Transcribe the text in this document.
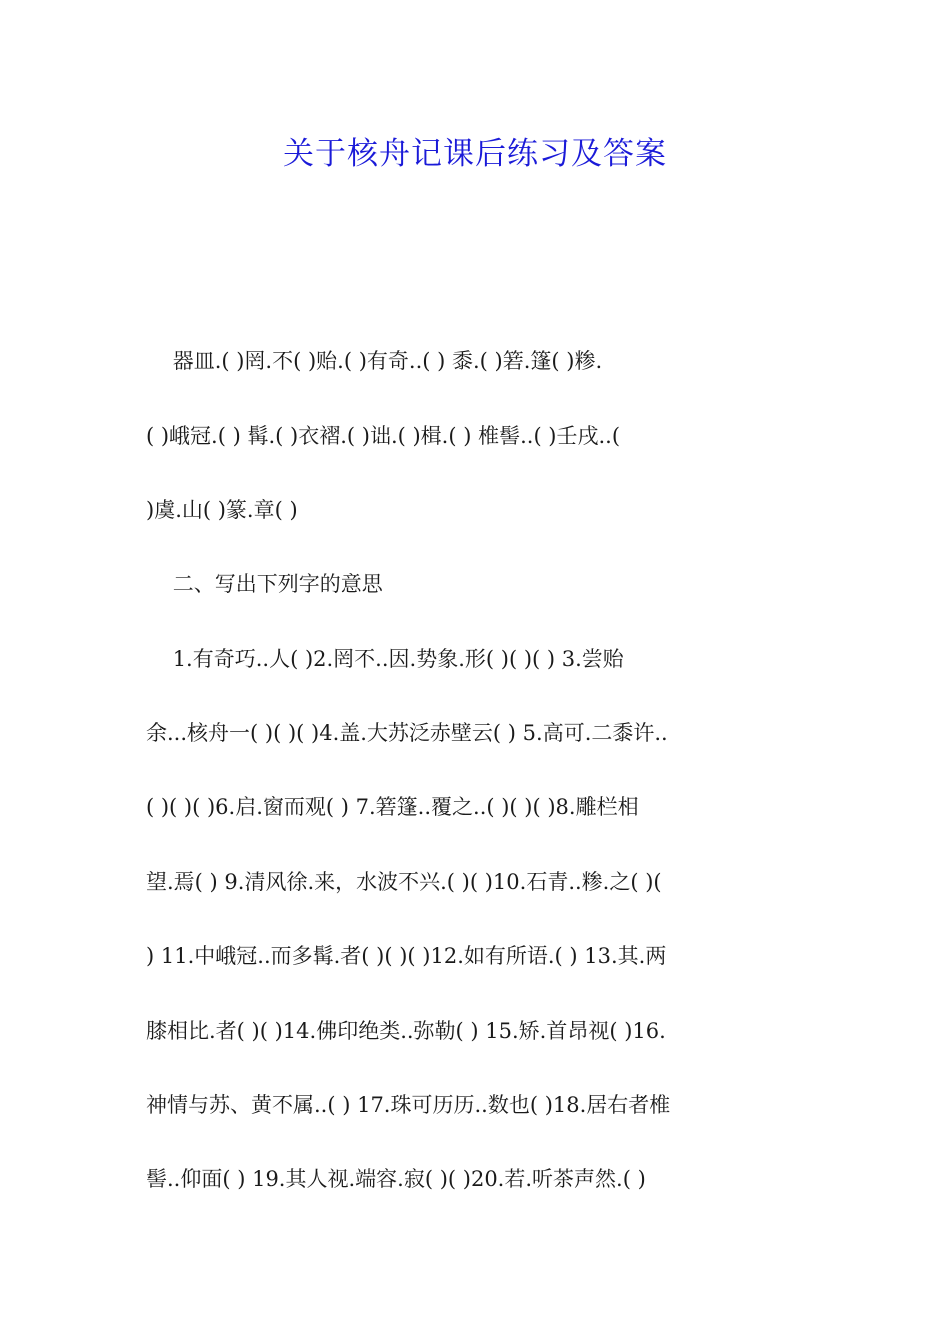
关于核舟记课后练习及答案
器皿.( )罔.不( )贻.( )有奇..( ) 黍.( )箬.篷( )糁.
( )峨冠.( ) 髯.( )衣褶.( )诎.( )楫.( ) 椎髻..( )壬戌..(
)虞.山( )篆.章( )
二、写出下列字的意思
1.有奇巧..人( )2.罔不..因.势象.形( )( )( ) 3.尝贻
余...核舟一( )( )( )4.盖.大苏泛赤壁云( ) 5.高可.二黍许..
( )( )( )6.启.窗而观( ) 7.箬篷..覆之..( )( )( )8.雕栏相
望.焉( ) 9.清风徐.来，水波不兴.( )( )10.石青..糁.之( )(
) 11.中峨冠..而多髯.者( )( )( )12.如有所语.( ) 13.其.两
膝相比.者( )( )14.佛印绝类..弥勒( ) 15.矫.首昂视( )16.
神情与苏、黄不属..( ) 17.珠可历历..数也( )18.居右者椎
髻..仰面( ) 19.其人视.端容.寂( )( )20.若.听茶声然.( )
